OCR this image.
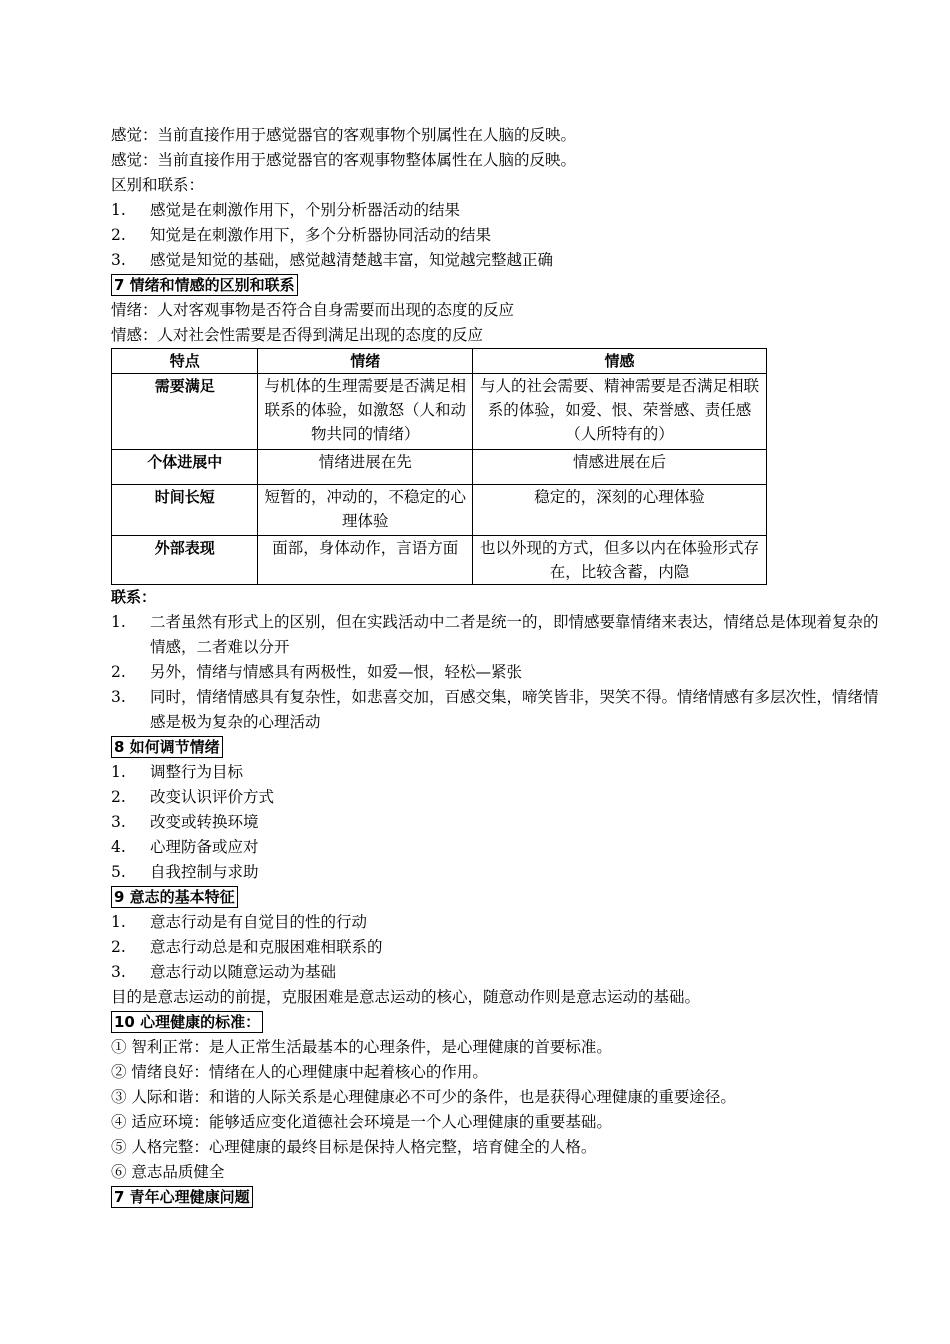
感觉：当前直接作用于感觉器官的客观事物个别属性在人脑的反映。
感觉：当前直接作用于感觉器官的客观事物整体属性在人脑的反映。
区别和联系：
1. 感觉是在刺激作用下，个别分析器活动的结果
2. 知觉是在刺激作用下，多个分析器协同活动的结果
3. 感觉是知觉的基础，感觉越清楚越丰富，知觉越完整越正确
7 情绪和情感的区别和联系
情绪：人对客观事物是否符合自身需要而出现的态度的反应
情感：人对社会性需要是否得到满足出现的态度的反应
特点	情绪	情感
需要满足	与机体的生理需要是否满足相联系的体验，如激怒（人和动物共同的情绪）	与人的社会需要、精神需要是否满足相联系的体验，如爱、恨、荣誉感、责任感（人所特有的）
个体进展中	情绪进展在先	情感进展在后
时间长短	短暂的，冲动的，不稳定的心理体验	稳定的，深刻的心理体验
外部表现	面部，身体动作，言语方面	也以外现的方式，但多以内在体验形式存在，比较含蓄，内隐
联系：
1.	二者虽然有形式上的区别，但在实践活动中二者是统一的，即情感要靠情绪来表达，情绪总是体现着复杂的情感，二者难以分开
2.	另外，情绪与情感具有两极性，如爱—恨，轻松—紧张
3.	同时，情绪情感具有复杂性，如悲喜交加，百感交集，啼笑皆非，哭笑不得。情绪情感有多层次性，情绪情感是极为复杂的心理活动
8 如何调节情绪
1. 调整行为目标
2. 改变认识评价方式
3. 改变或转换环境
4. 心理防备或应对
5. 自我控制与求助
9 意志的基本特征
1. 意志行动是有自觉目的性的行动
2. 意志行动总是和克服困难相联系的
3. 意志行动以随意运动为基础
目的是意志运动的前提，克服困难是意志运动的核心，随意动作则是意志运动的基础。
10 心理健康的标准：
① 智利正常：是人正常生活最基本的心理条件，是心理健康的首要标准。
② 情绪良好：情绪在人的心理健康中起着核心的作用。
③ 人际和谐：和谐的人际关系是心理健康必不可少的条件，也是获得心理健康的重要途径。
④ 适应环境：能够适应变化道德社会环境是一个人心理健康的重要基础。
⑤ 人格完整：心理健康的最终目标是保持人格完整，培育健全的人格。
⑥ 意志品质健全
7 青年心理健康问题
